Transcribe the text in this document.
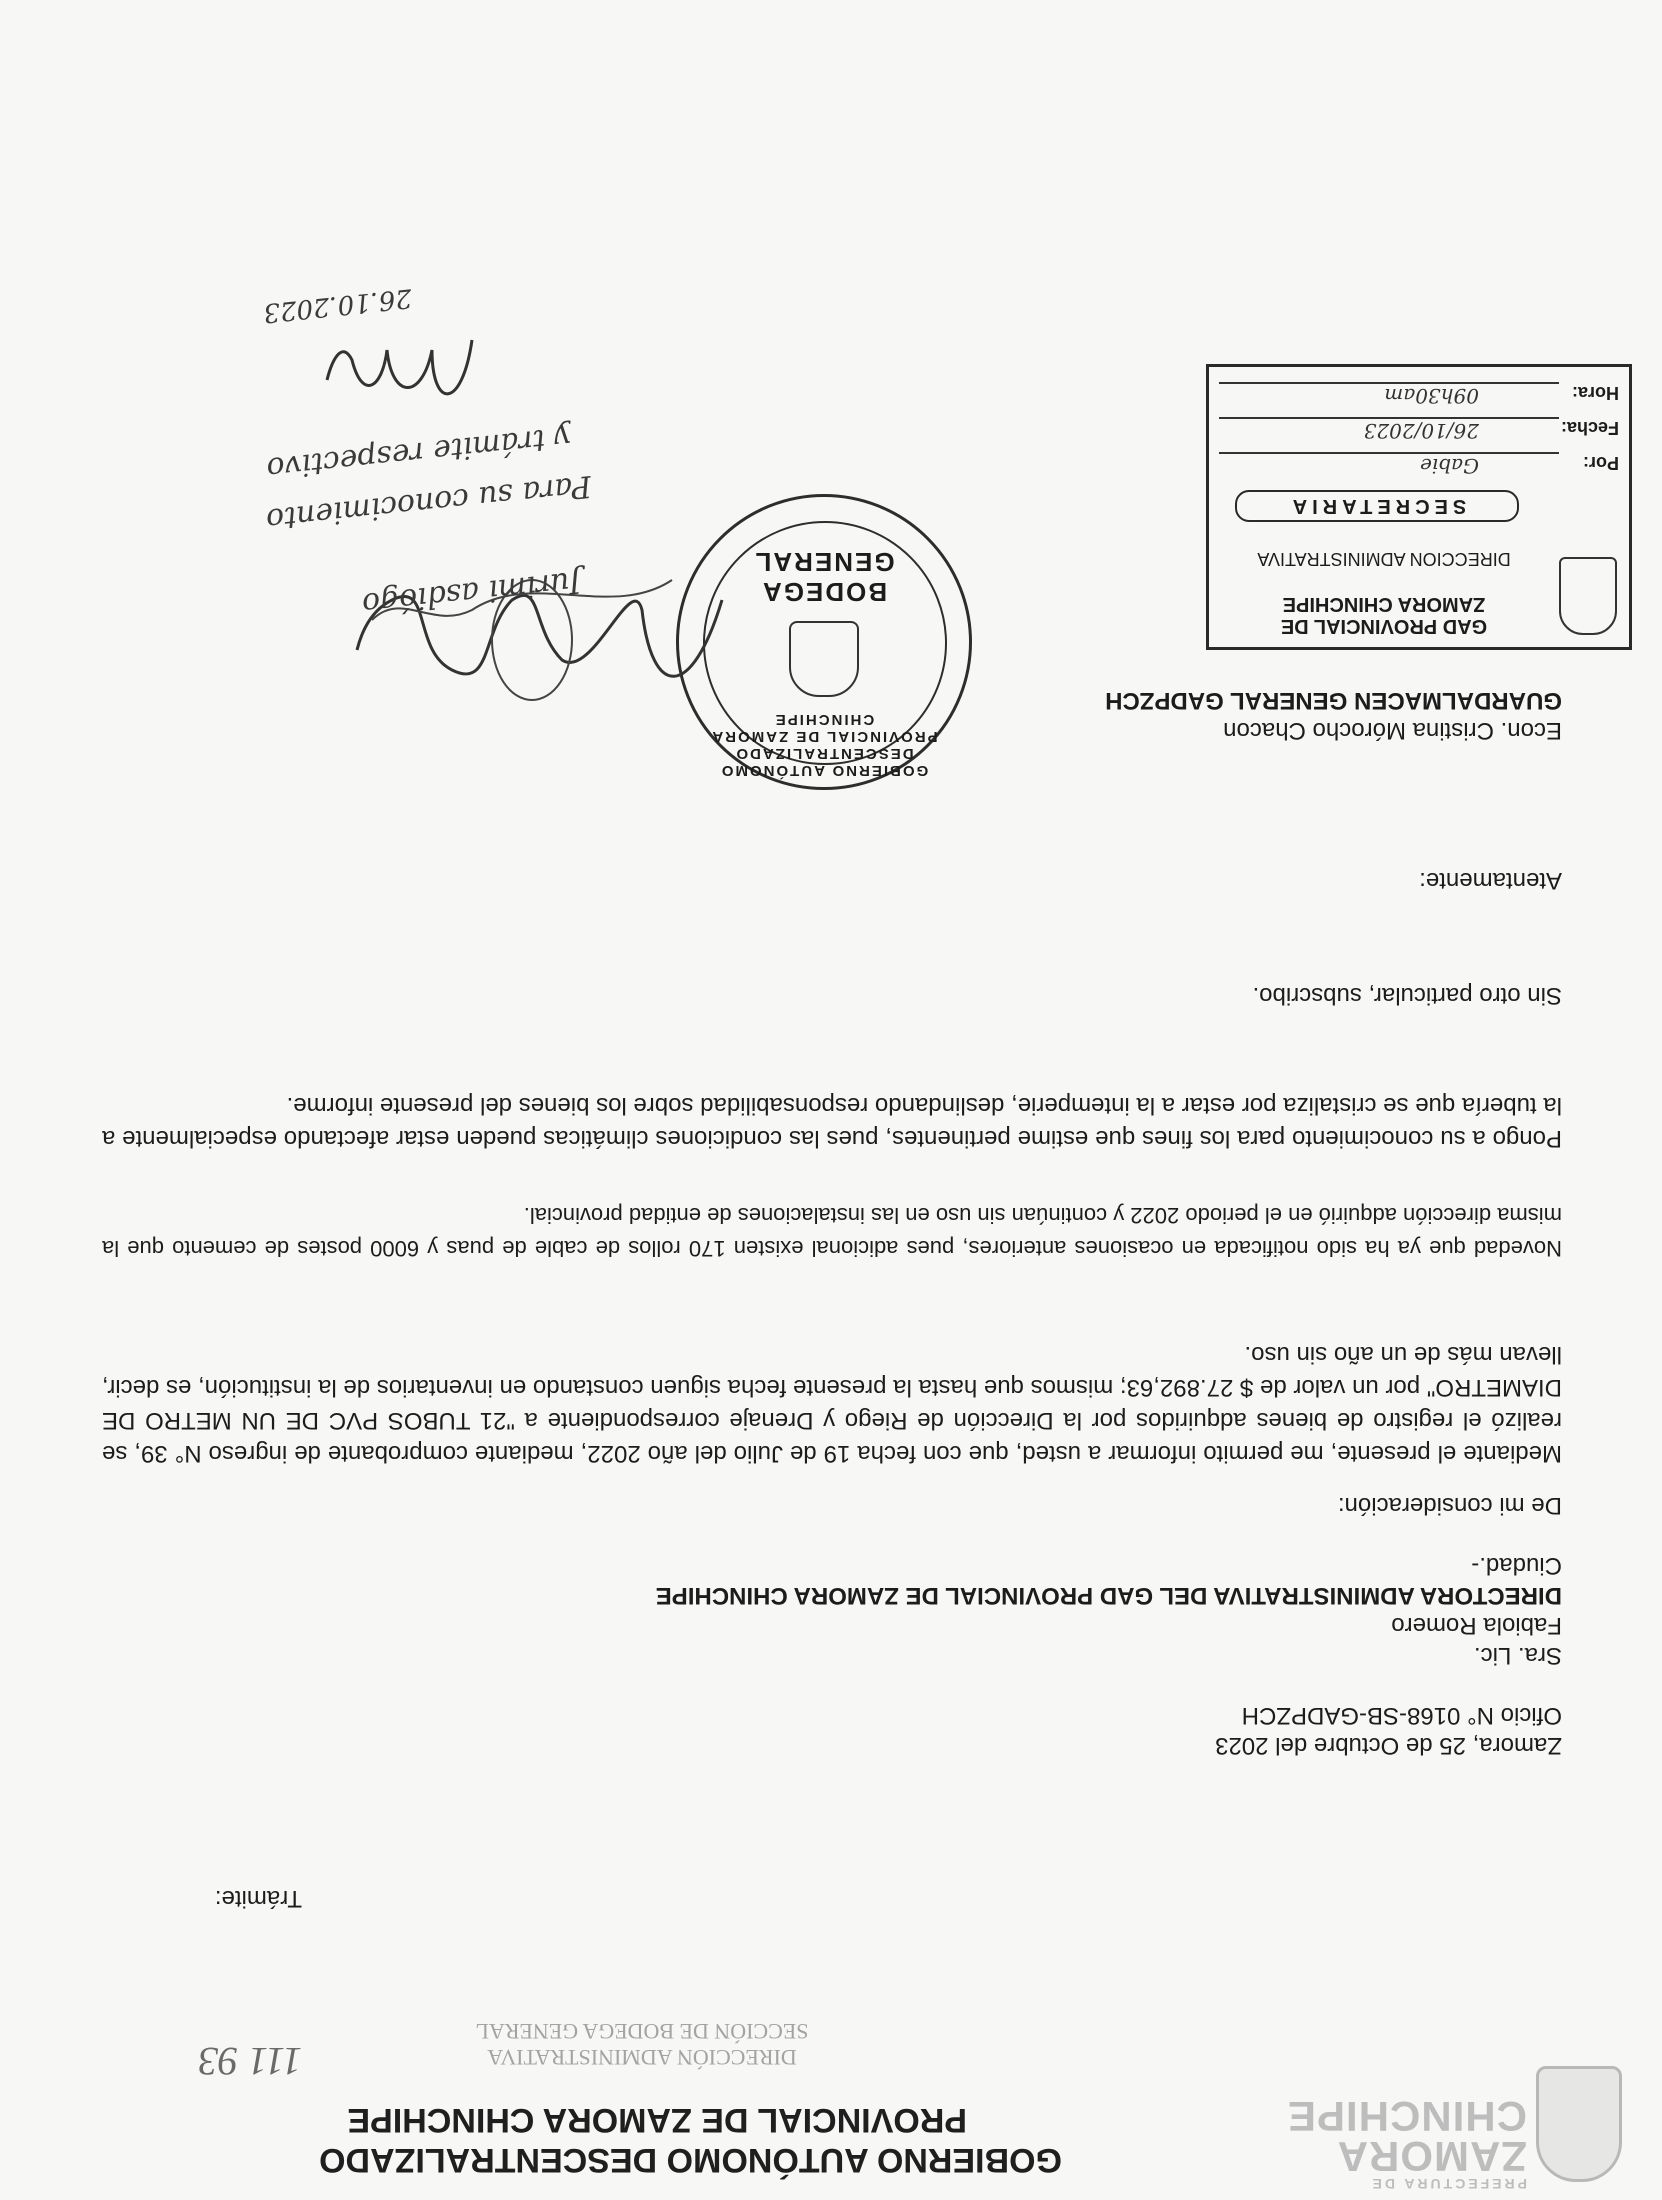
PREFECTURA DE
ZAMORA
CHINCHIPE
GOBIERNO AUTÓNOMO DESCENTRALIZADO
PROVINCIAL DE ZAMORA CHINCHIPE
DIRECCIÓN ADMINISTRATIVA
SECCIÓN DE BODEGA GENERAL
111 93
Trámite:
Zamora, 25 de Octubre del 2023
Oficio N° 0168-SB-GADPZCH
Sra. Lic.
Fabiola Romero
DIRECTORA ADMINISTRATIVA DEL GAD PROVINCIAL DE ZAMORA CHINCHIPE
Ciudad.-
De mi consideración:
Mediante el presente, me permito informar a usted, que con fecha 19 de Julio del año 2022, mediante comprobante de ingreso N° 39, se realizó el registro de bienes adquiridos por la Dirección de Riego y Drenaje correspondiente a "21 TUBOS PVC DE UN METRO DE DIAMETRO" por un valor de $ 27.892,63; mismos que hasta la presente fecha siguen constando en inventarios de la institución, es decir, llevan más de un año sin uso.
Novedad que ya ha sido notificada en ocasiones anteriores, pues adicional existen 170 rollos de cable de puas y 6000 postes de cemento que la misma dirección adquirió en el periodo 2022 y continúan sin uso en las instalaciones de entidad provincial.
Pongo a su conocimiento para los fines que estime pertinentes, pues las condiciones climáticas pueden estar afectando especialmente a la tubería que se cristaliza por estar a la intemperie, deslindando responsabilidad sobre los bienes del presente informe.
Sin otro particular, subscribo.
Atentamente:
GOBIERNO AUTÓNOMO DESCENTRALIZADO PROVINCIAL DE ZAMORA CHINCHIPE
BODEGA
GENERAL
Econ. Cristina Mórocho Chacon
GUARDALMACEN GENERAL GADPZCH
GAD PROVINCIAL DE
ZAMORA CHINCHIPE
DIRECCION ADMINISTRATIVA
SECRETARIA
Por:
Gabie
Fecha:
26/10/2023
Hora:
09h30am
Jurimi asdiógo
Para su conocimiento
y trámite respectivo
26.10.2023
